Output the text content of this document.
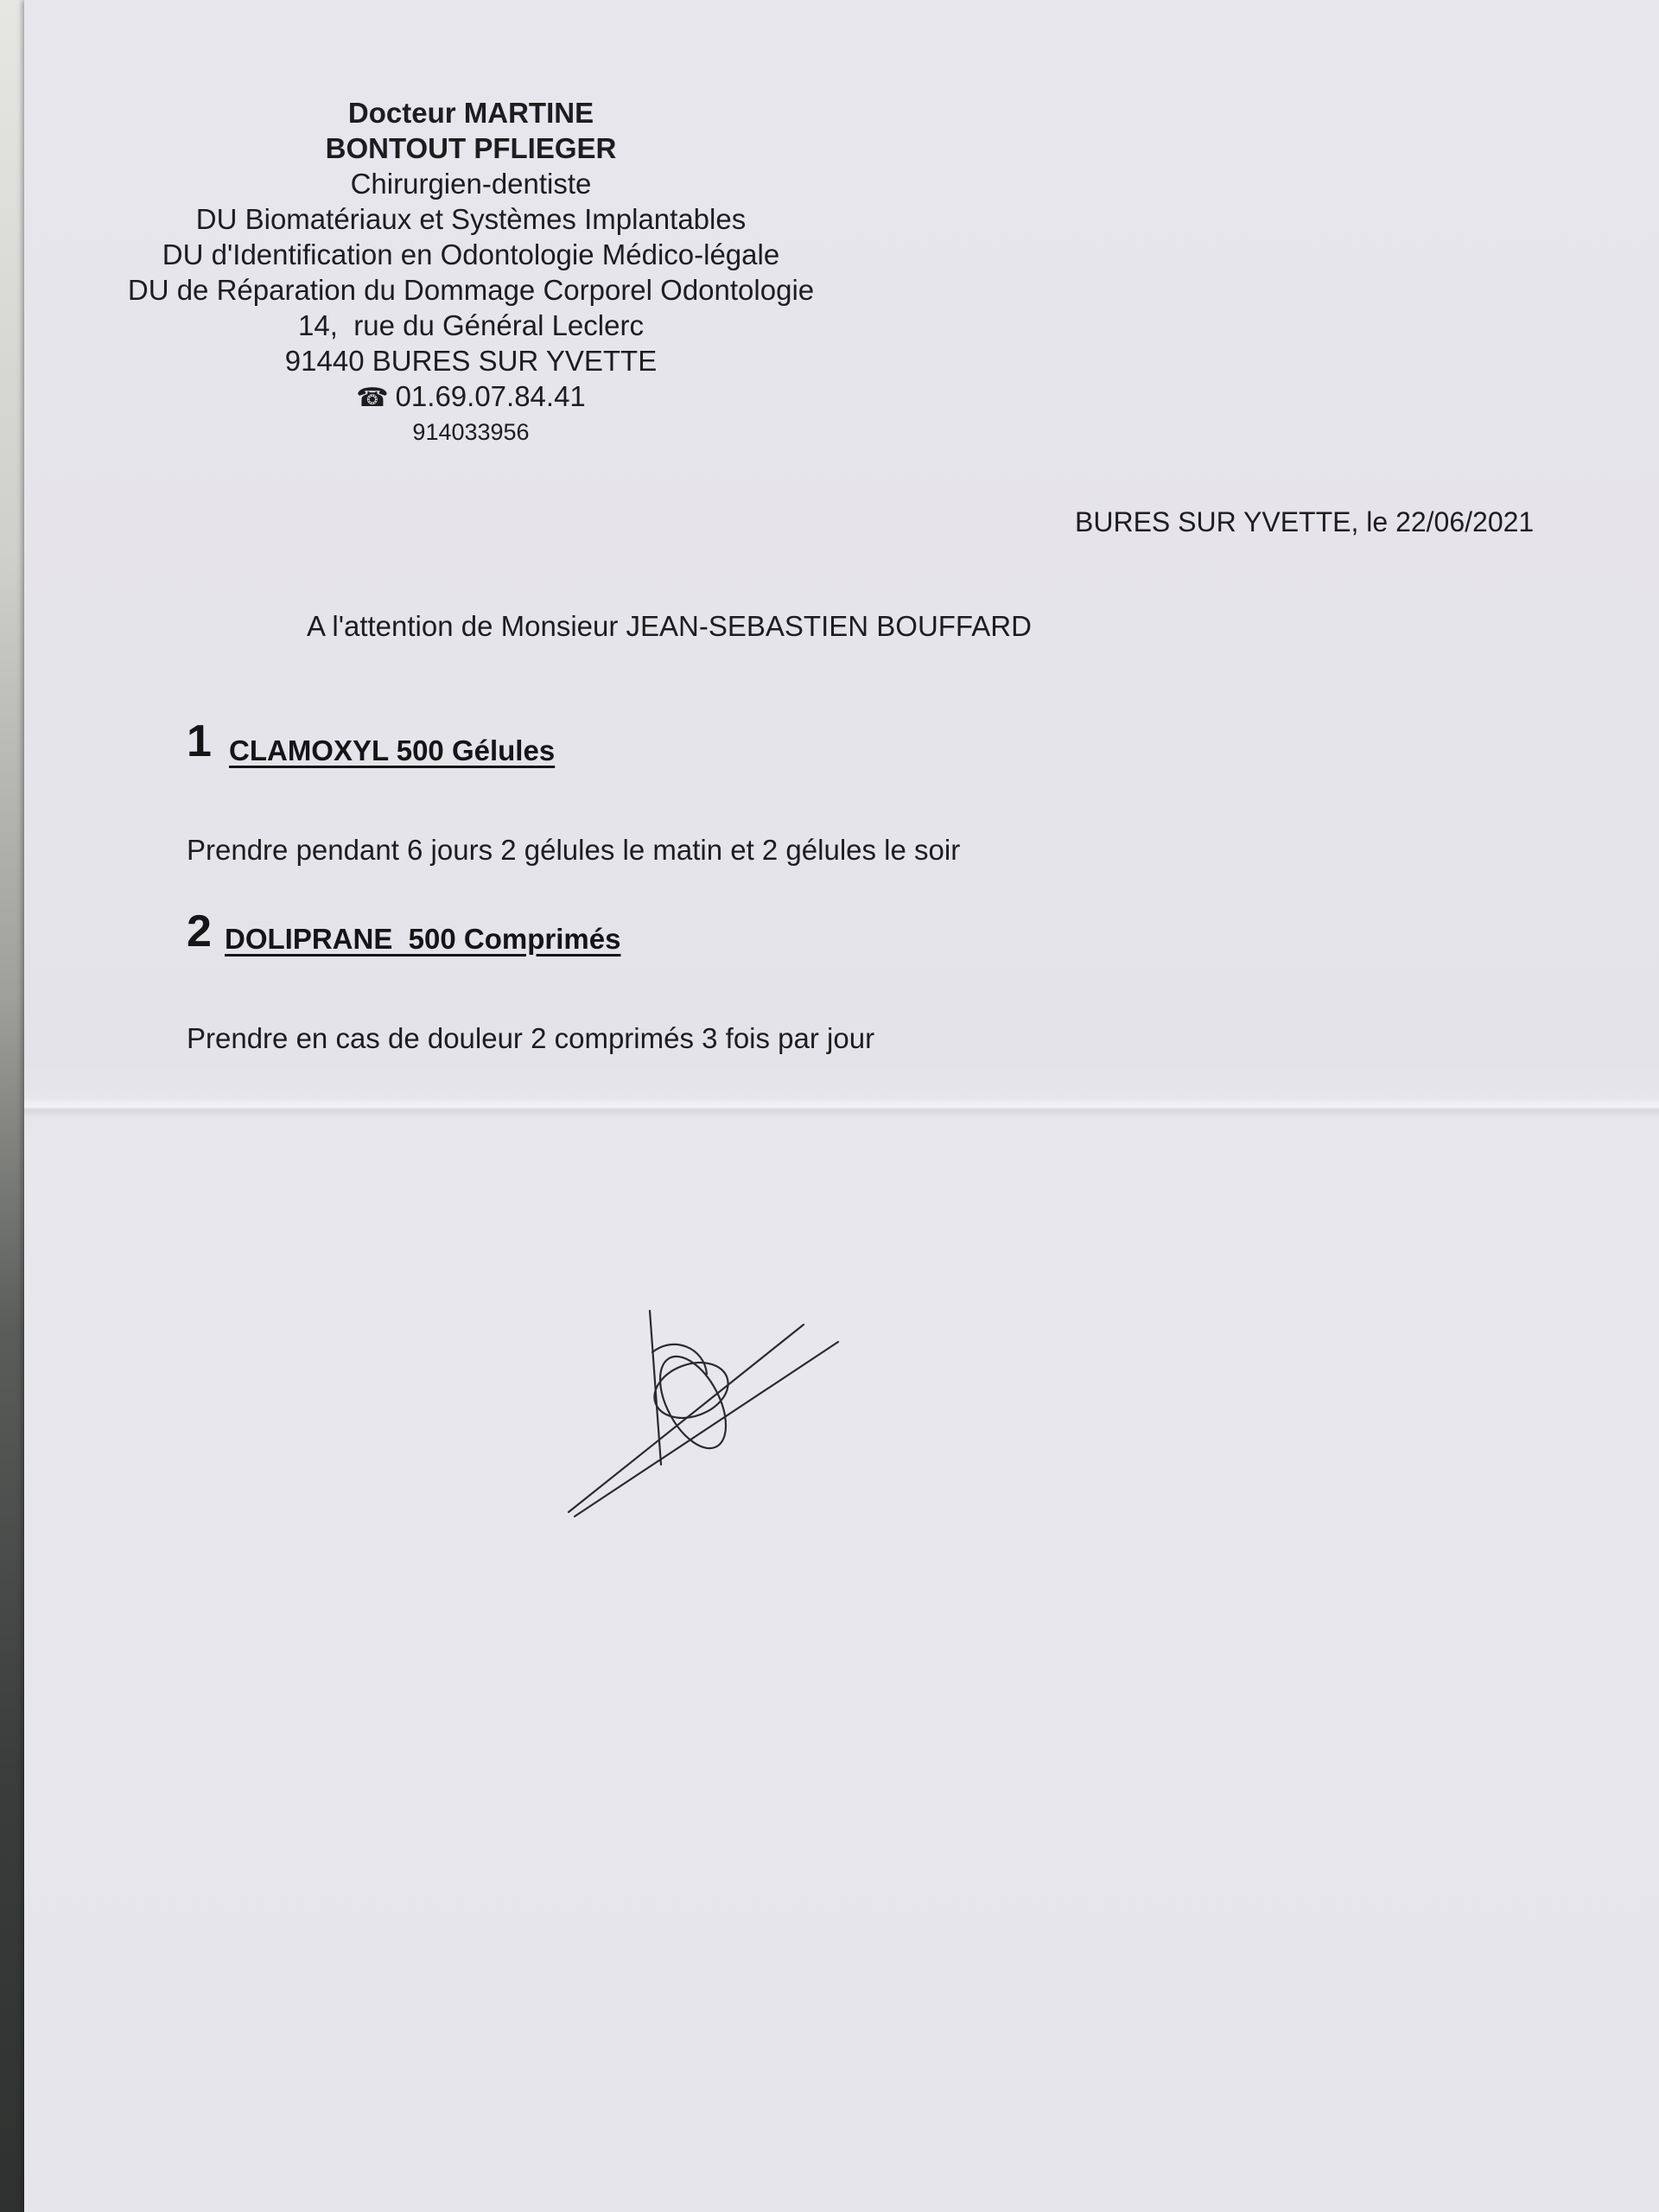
Docteur MARTINE
BONTOUT PFLIEGER
Chirurgien-dentiste
DU Biomatériaux et Systèmes Implantables
DU d'Identification en Odontologie Médico-légale
DU de Réparation du Dommage Corporel Odontologie
14,  rue du Général Leclerc
91440 BURES SUR YVETTE
☎ 01.69.07.84.41
914033956
BURES SUR YVETTE, le 22/06/2021
A l'attention de Monsieur JEAN-SEBASTIEN BOUFFARD
1 CLAMOXYL 500 Gélules
Prendre pendant 6 jours 2 gélules le matin et 2 gélules le soir
2 DOLIPRANE  500 Comprimés
Prendre en cas de douleur 2 comprimés 3 fois par jour
